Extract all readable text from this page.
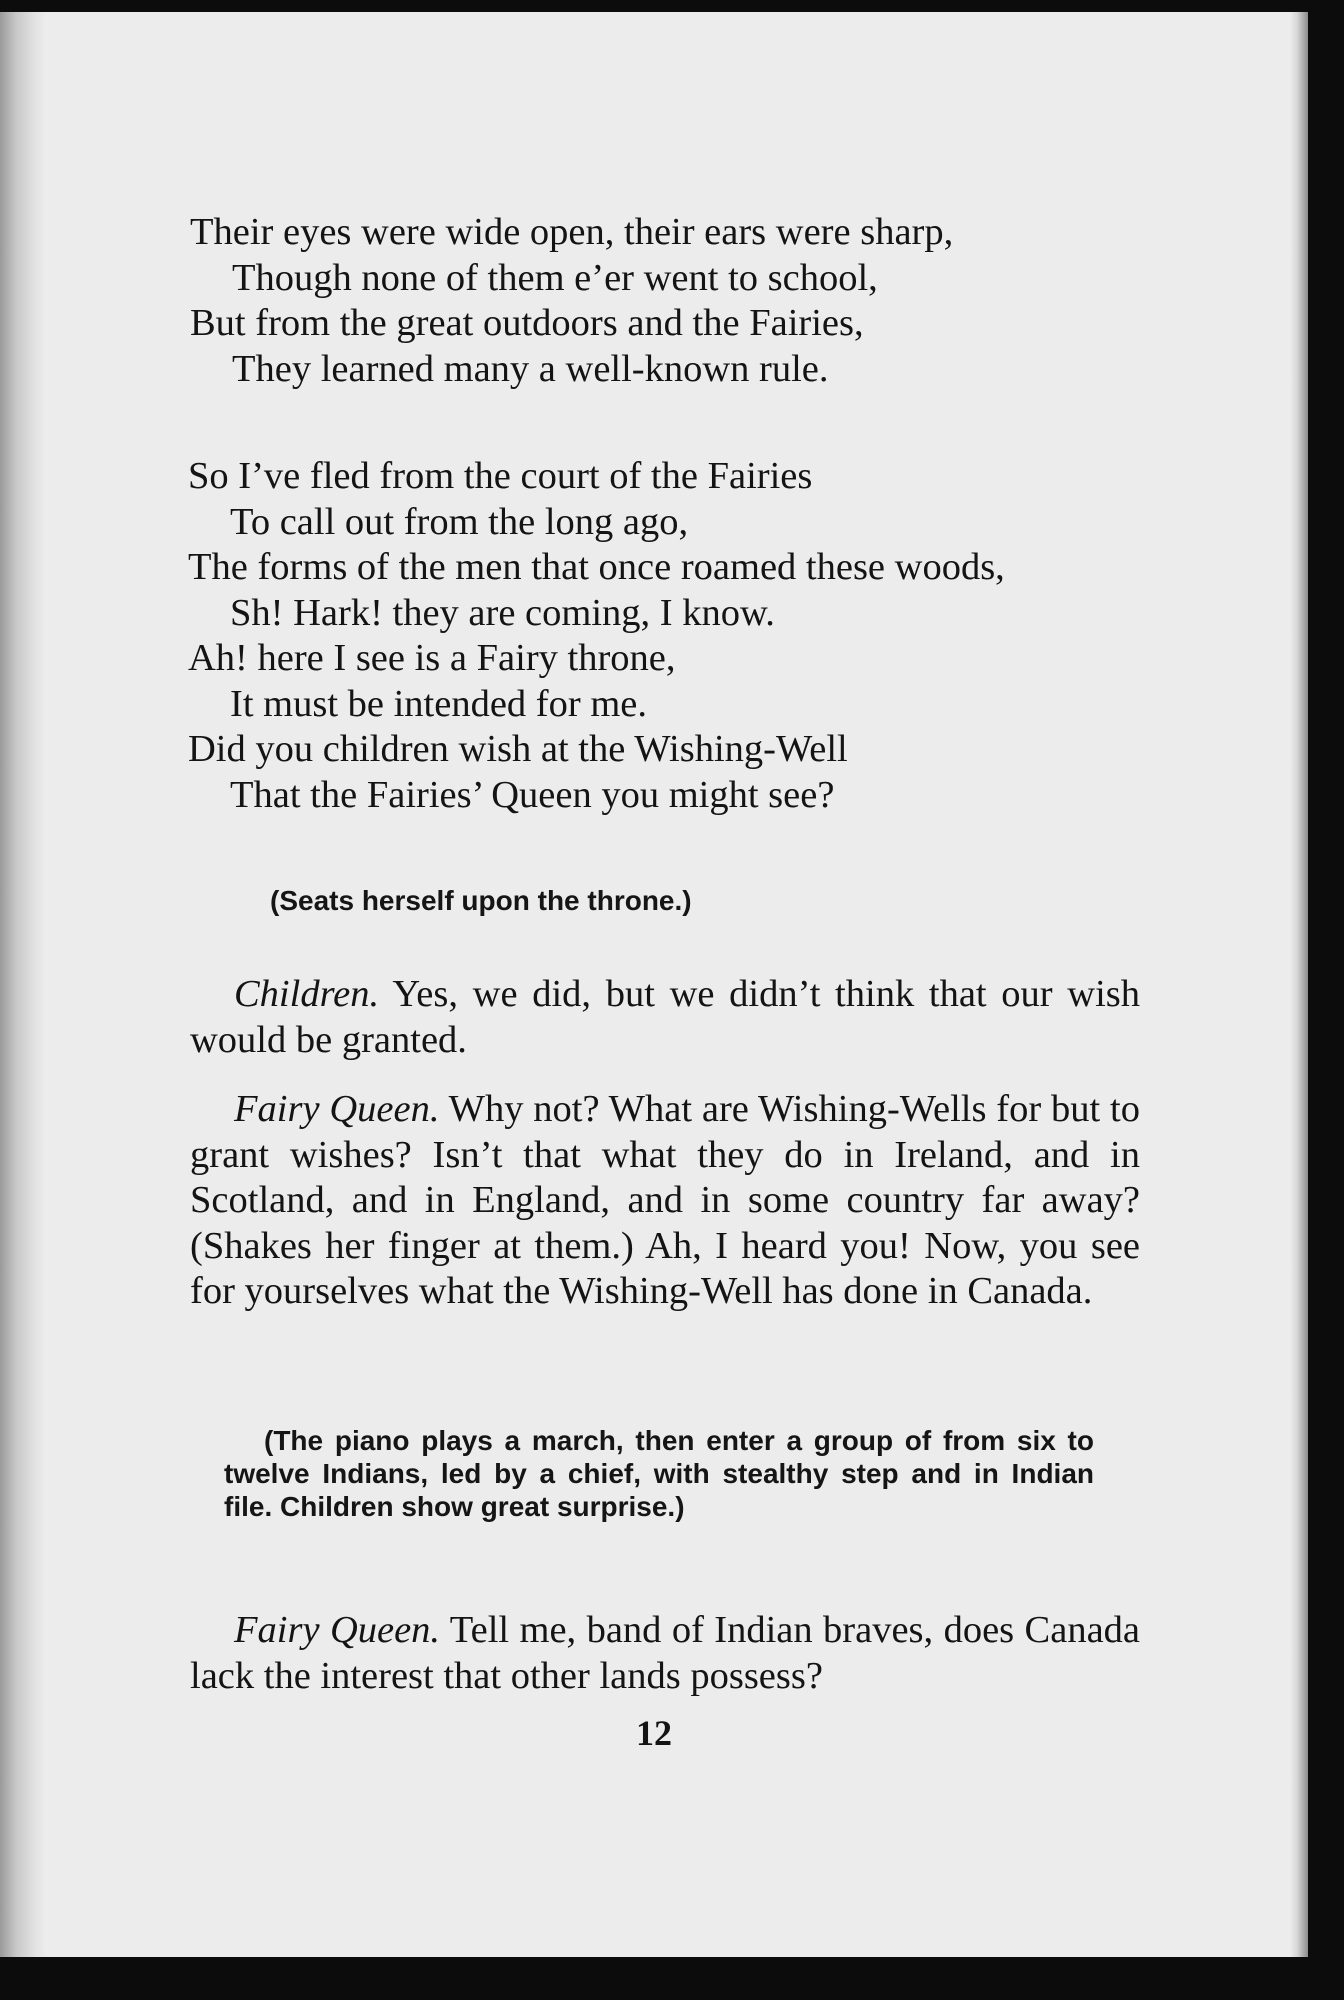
Their eyes were wide open, their ears were sharp,
Though none of them e’er went to school,
But from the great outdoors and the Fairies,
They learned many a well-known rule.
So I’ve fled from the court of the Fairies
To call out from the long ago,
The forms of the men that once roamed these woods,
Sh! Hark! they are coming, I know.
Ah! here I see is a Fairy throne,
It must be intended for me.
Did you children wish at the Wishing-Well
That the Fairies’ Queen you might see?
(Seats herself upon the throne.)

Children. Yes, we did, but we didn’t think that our wish would be granted.

Fairy Queen. Why not? What are Wishing-Wells for but to grant wishes? Isn’t that what they do in Ireland, and in Scotland, and in England, and in some country far away? (Shakes her finger at them.) Ah, I heard you! Now, you see for yourselves what the Wishing-Well has done in Canada.

(The piano plays a march, then enter a group of from six to twelve Indians, led by a chief, with stealthy step and in Indian file. Children show great surprise.)

Fairy Queen. Tell me, band of Indian braves, does Canada lack the interest that other lands possess?

12
